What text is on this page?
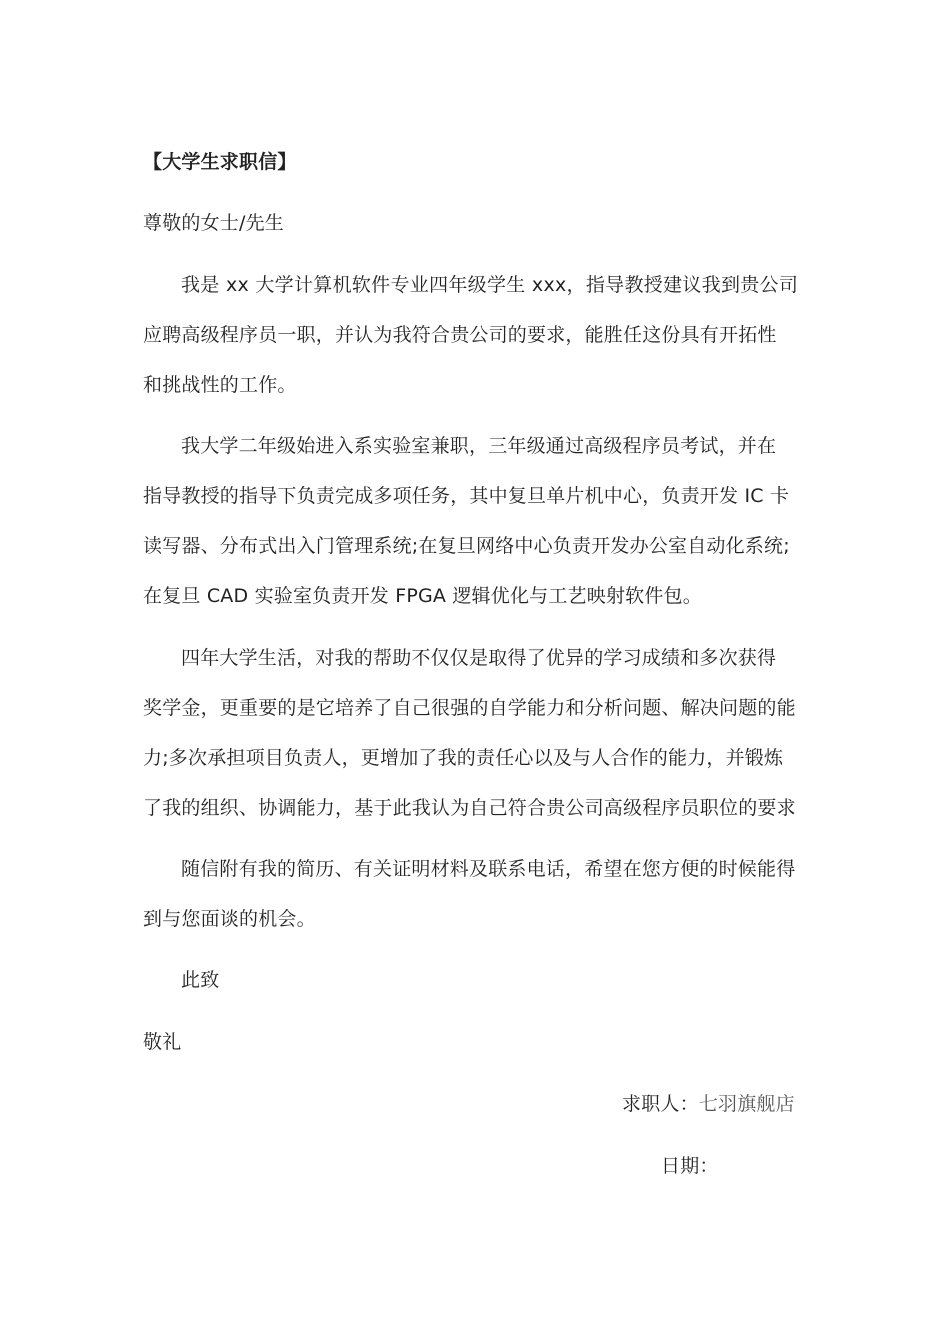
【大学生求职信】
尊敬的女士/先生
我是 xx 大学计算机软件专业四年级学生 xxx，指导教授建议我到贵公司
应聘高级程序员一职，并认为我符合贵公司的要求，能胜任这份具有开拓性
和挑战性的工作。
我大学二年级始进入系实验室兼职，三年级通过高级程序员考试，并在
指导教授的指导下负责完成多项任务，其中复旦单片机中心，负责开发 IC 卡
读写器、分布式出入门管理系统;在复旦网络中心负责开发办公室自动化系统;
在复旦 CAD 实验室负责开发 FPGA 逻辑优化与工艺映射软件包。
四年大学生活，对我的帮助不仅仅是取得了优异的学习成绩和多次获得
奖学金，更重要的是它培养了自己很强的自学能力和分析问题、解决问题的能
力;多次承担项目负责人，更增加了我的责任心以及与人合作的能力，并锻炼
了我的组织、协调能力，基于此我认为自己符合贵公司高级程序员职位的要求
随信附有我的简历、有关证明材料及联系电话，希望在您方便的时候能得
到与您面谈的机会。
此致
敬礼
求职人：七羽旗舰店
日期：
